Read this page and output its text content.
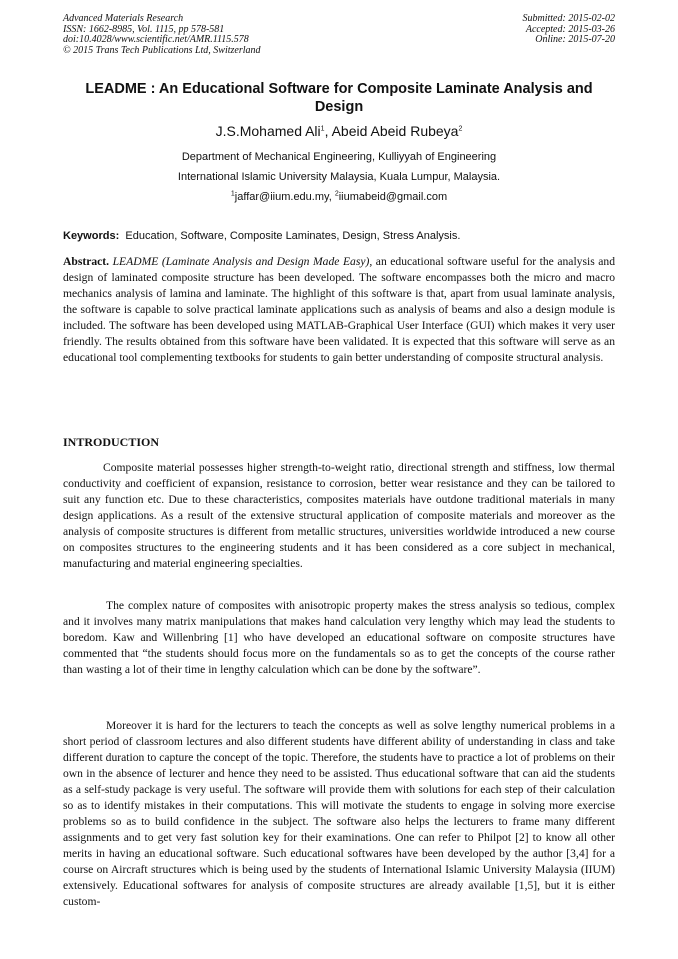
Advanced Materials Research
ISSN: 1662-8985, Vol. 1115, pp 578-581
doi:10.4028/www.scientific.net/AMR.1115.578
© 2015 Trans Tech Publications Ltd, Switzerland
Submitted: 2015-02-02
Accepted: 2015-03-26
Online: 2015-07-20
LEADME : An Educational Software for Composite Laminate Analysis and Design
J.S.Mohamed Ali$^1$, Abeid Abeid Rubeya$^2$
Department of Mechanical Engineering, Kulliyyah of Engineering
International Islamic University Malaysia, Kuala Lumpur, Malaysia.
$^1$jaffar@iium.edu.my, $^2$iiumabeid@gmail.com
Keywords: Education, Software, Composite Laminates, Design, Stress Analysis.

Abstract. LEADME (Laminate Analysis and Design Made Easy), an educational software useful for the analysis and design of laminated composite structure has been developed. The software encompasses both the micro and macro mechanics analysis of lamina and laminate. The highlight of this software is that, apart from usual laminate analysis, the software is capable to solve practical laminate applications such as analysis of beams and also a design module is included. The software has been developed using MATLAB-Graphical User Interface (GUI) which makes it very user friendly. The results obtained from this software have been validated. It is expected that this software will serve as an educational tool complementing textbooks for students to gain better understanding of composite structural analysis.

INTRODUCTION

Composite material possesses higher strength-to-weight ratio, directional strength and stiffness, low thermal conductivity and coefficient of expansion, resistance to corrosion, better wear resistance and they can be tailored to suit any function etc. Due to these characteristics, composites materials have outdone traditional materials in many design applications. As a result of the extensive structural application of composite materials and moreover as the analysis of composite structures is different from metallic structures, universities worldwide introduced a new course on composites structures to the engineering students and it has been considered as a core subject in mechanical, manufacturing and material engineering specialties.

The complex nature of composites with anisotropic property makes the stress analysis so tedious, complex and it involves many matrix manipulations that makes hand calculation very lengthy which may lead the students to boredom. Kaw and Willenbring [1] who have developed an educational software on composite structures have commented that “the students should focus more on the fundamentals so as to get the concepts of the course rather than wasting a lot of their time in lengthy calculation which can be done by the software”.

Moreover it is hard for the lecturers to teach the concepts as well as solve lengthy numerical problems in a short period of classroom lectures and also different students have different ability of understanding in class and take different duration to capture the concept of the topic. Therefore, the students have to practice a lot of problems on their own in the absence of lecturer and hence they need to be assisted. Thus educational software that can aid the students as a self-study package is very useful. The software will provide them with solutions for each step of their calculation so as to identify mistakes in their computations. This will motivate the students to engage in solving more exercise problems so as to build confidence in the subject. The software also helps the lecturers to frame many different assignments and to get very fast solution key for their examinations. One can refer to Philpot [2] to know all other merits in having an educational software. Such educational softwares have been developed by the author [3,4] for a course on Aircraft structures which is being used by the students of International Islamic University Malaysia (IIUM) extensively. Educational softwares for analysis of composite structures are already available [1,5], but it is either custom-
